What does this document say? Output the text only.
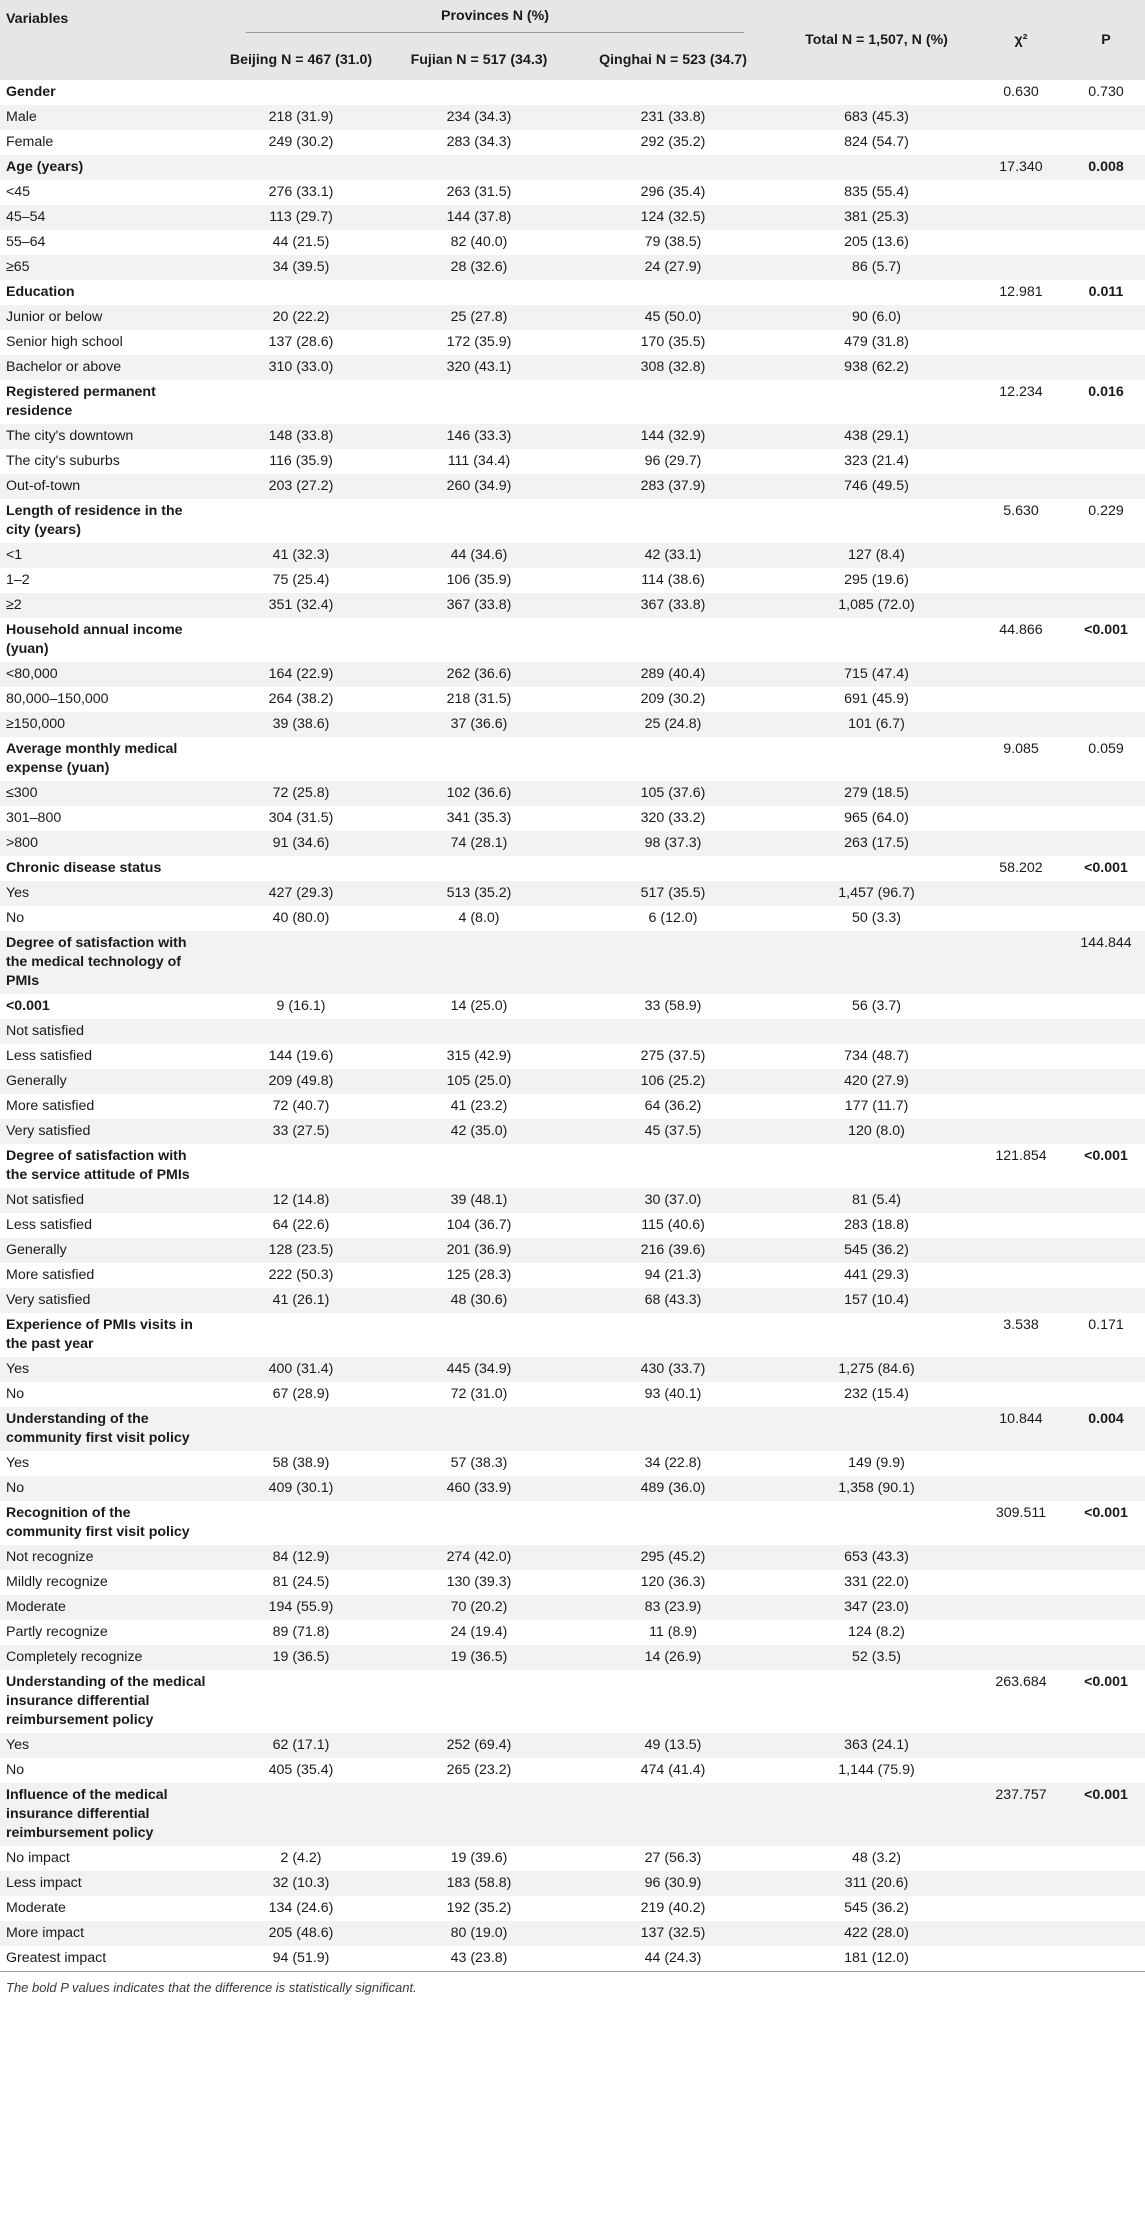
Variables	Provinces N (%)			Total N = 1,507, N (%)	χ²	P
	Beijing N = 467 (31.0)	Fujian N = 517 (34.3)	Qinghai N = 523 (34.7)			
Gender					0.630	0.730
Male	218 (31.9)	234 (34.3)	231 (33.8)	683 (45.3)		
Female	249 (30.2)	283 (34.3)	292 (35.2)	824 (54.7)		
Age (years)					17.340	0.008
<45	276 (33.1)	263 (31.5)	296 (35.4)	835 (55.4)		
45–54	113 (29.7)	144 (37.8)	124 (32.5)	381 (25.3)		
55–64	44 (21.5)	82 (40.0)	79 (38.5)	205 (13.6)		
≥65	34 (39.5)	28 (32.6)	24 (27.9)	86 (5.7)		
Education					12.981	0.011
Junior or below	20 (22.2)	25 (27.8)	45 (50.0)	90 (6.0)		
Senior high school	137 (28.6)	172 (35.9)	170 (35.5)	479 (31.8)		
Bachelor or above	310 (33.0)	320 (43.1)	308 (32.8)	938 (62.2)		
Registered permanent residence					12.234	0.016
The city's downtown	148 (33.8)	146 (33.3)	144 (32.9)	438 (29.1)		
The city's suburbs	116 (35.9)	111 (34.4)	96 (29.7)	323 (21.4)		
Out-of-town	203 (27.2)	260 (34.9)	283 (37.9)	746 (49.5)		
Length of residence in the city (years)					5.630	0.229
<1	41 (32.3)	44 (34.6)	42 (33.1)	127 (8.4)		
1–2	75 (25.4)	106 (35.9)	114 (38.6)	295 (19.6)		
≥2	351 (32.4)	367 (33.8)	367 (33.8)	1,085 (72.0)		
Household annual income (yuan)					44.866	<0.001
<80,000	164 (22.9)	262 (36.6)	289 (40.4)	715 (47.4)		
80,000–150,000	264 (38.2)	218 (31.5)	209 (30.2)	691 (45.9)		
≥150,000	39 (38.6)	37 (36.6)	25 (24.8)	101 (6.7)		
Average monthly medical expense (yuan)					9.085	0.059
≤300	72 (25.8)	102 (36.6)	105 (37.6)	279 (18.5)		
301–800	304 (31.5)	341 (35.3)	320 (33.2)	965 (64.0)		
>800	91 (34.6)	74 (28.1)	98 (37.3)	263 (17.5)		
Chronic disease status					58.202	<0.001
Yes	427 (29.3)	513 (35.2)	517 (35.5)	1,457 (96.7)		
No	40 (80.0)	4 (8.0)	6 (12.0)	50 (3.3)		
Degree of satisfaction with the medical technology of PMIs						144.844
<0.001	9 (16.1)	14 (25.0)	33 (58.9)	56 (3.7)		
Not satisfied						
Less satisfied	144 (19.6)	315 (42.9)	275 (37.5)	734 (48.7)		
Generally	209 (49.8)	105 (25.0)	106 (25.2)	420 (27.9)		
More satisfied	72 (40.7)	41 (23.2)	64 (36.2)	177 (11.7)		
Very satisfied	33 (27.5)	42 (35.0)	45 (37.5)	120 (8.0)		
Degree of satisfaction with the service attitude of PMIs					121.854	<0.001
Not satisfied	12 (14.8)	39 (48.1)	30 (37.0)	81 (5.4)		
Less satisfied	64 (22.6)	104 (36.7)	115 (40.6)	283 (18.8)		
Generally	128 (23.5)	201 (36.9)	216 (39.6)	545 (36.2)		
More satisfied	222 (50.3)	125 (28.3)	94 (21.3)	441 (29.3)		
Very satisfied	41 (26.1)	48 (30.6)	68 (43.3)	157 (10.4)		
Experience of PMIs visits in the past year					3.538	0.171
Yes	400 (31.4)	445 (34.9)	430 (33.7)	1,275 (84.6)		
No	67 (28.9)	72 (31.0)	93 (40.1)	232 (15.4)		
Understanding of the community first visit policy					10.844	0.004
Yes	58 (38.9)	57 (38.3)	34 (22.8)	149 (9.9)		
No	409 (30.1)	460 (33.9)	489 (36.0)	1,358 (90.1)		
Recognition of the community first visit policy					309.511	<0.001
Not recognize	84 (12.9)	274 (42.0)	295 (45.2)	653 (43.3)		
Mildly recognize	81 (24.5)	130 (39.3)	120 (36.3)	331 (22.0)		
Moderate	194 (55.9)	70 (20.2)	83 (23.9)	347 (23.0)		
Partly recognize	89 (71.8)	24 (19.4)	11 (8.9)	124 (8.2)		
Completely recognize	19 (36.5)	19 (36.5)	14 (26.9)	52 (3.5)		
Understanding of the medical insurance differential reimbursement policy					263.684	<0.001
Yes	62 (17.1)	252 (69.4)	49 (13.5)	363 (24.1)		
No	405 (35.4)	265 (23.2)	474 (41.4)	1,144 (75.9)		
Influence of the medical insurance differential reimbursement policy					237.757	<0.001
No impact	2 (4.2)	19 (39.6)	27 (56.3)	48 (3.2)		
Less impact	32 (10.3)	183 (58.8)	96 (30.9)	311 (20.6)		
Moderate	134 (24.6)	192 (35.2)	219 (40.2)	545 (36.2)		
More impact	205 (48.6)	80 (19.0)	137 (32.5)	422 (28.0)		
Greatest impact	94 (51.9)	43 (23.8)	44 (24.3)	181 (12.0)		
The bold P values indicates that the difference is statistically significant.
